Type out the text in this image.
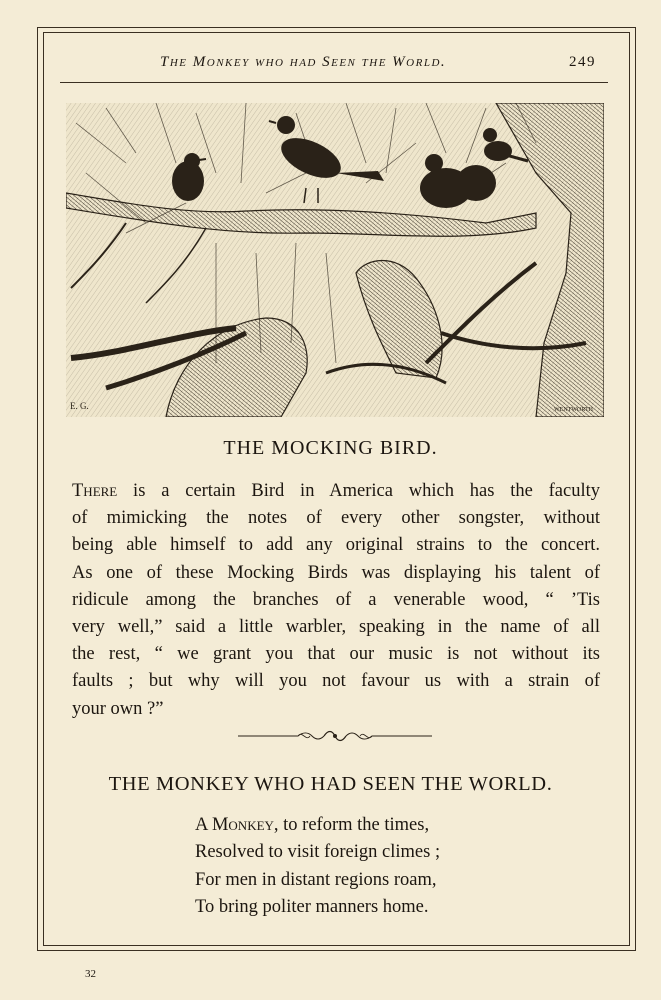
The Monkey who had Seen the World.	249
E. G.	WENTWORTH
THE MOCKING BIRD.
There is a certain Bird in America which has the faculty
of mimicking the notes of every other songster, without
being able himself to add any original strains to the concert.
As one of these Mocking Birds was displaying his talent of
ridicule among the branches of a venerable wood, “ ’Tis
very well,” said a little warbler, speaking in the name of all
the rest, “ we grant you that our music is not without its
faults ; but why will you not favour us with a strain of
your own ?”
THE MONKEY WHO HAD SEEN THE WORLD.
A Monkey, to reform the times,
Resolved to visit foreign climes ;
For men in distant regions roam,
To bring politer manners home.
32
